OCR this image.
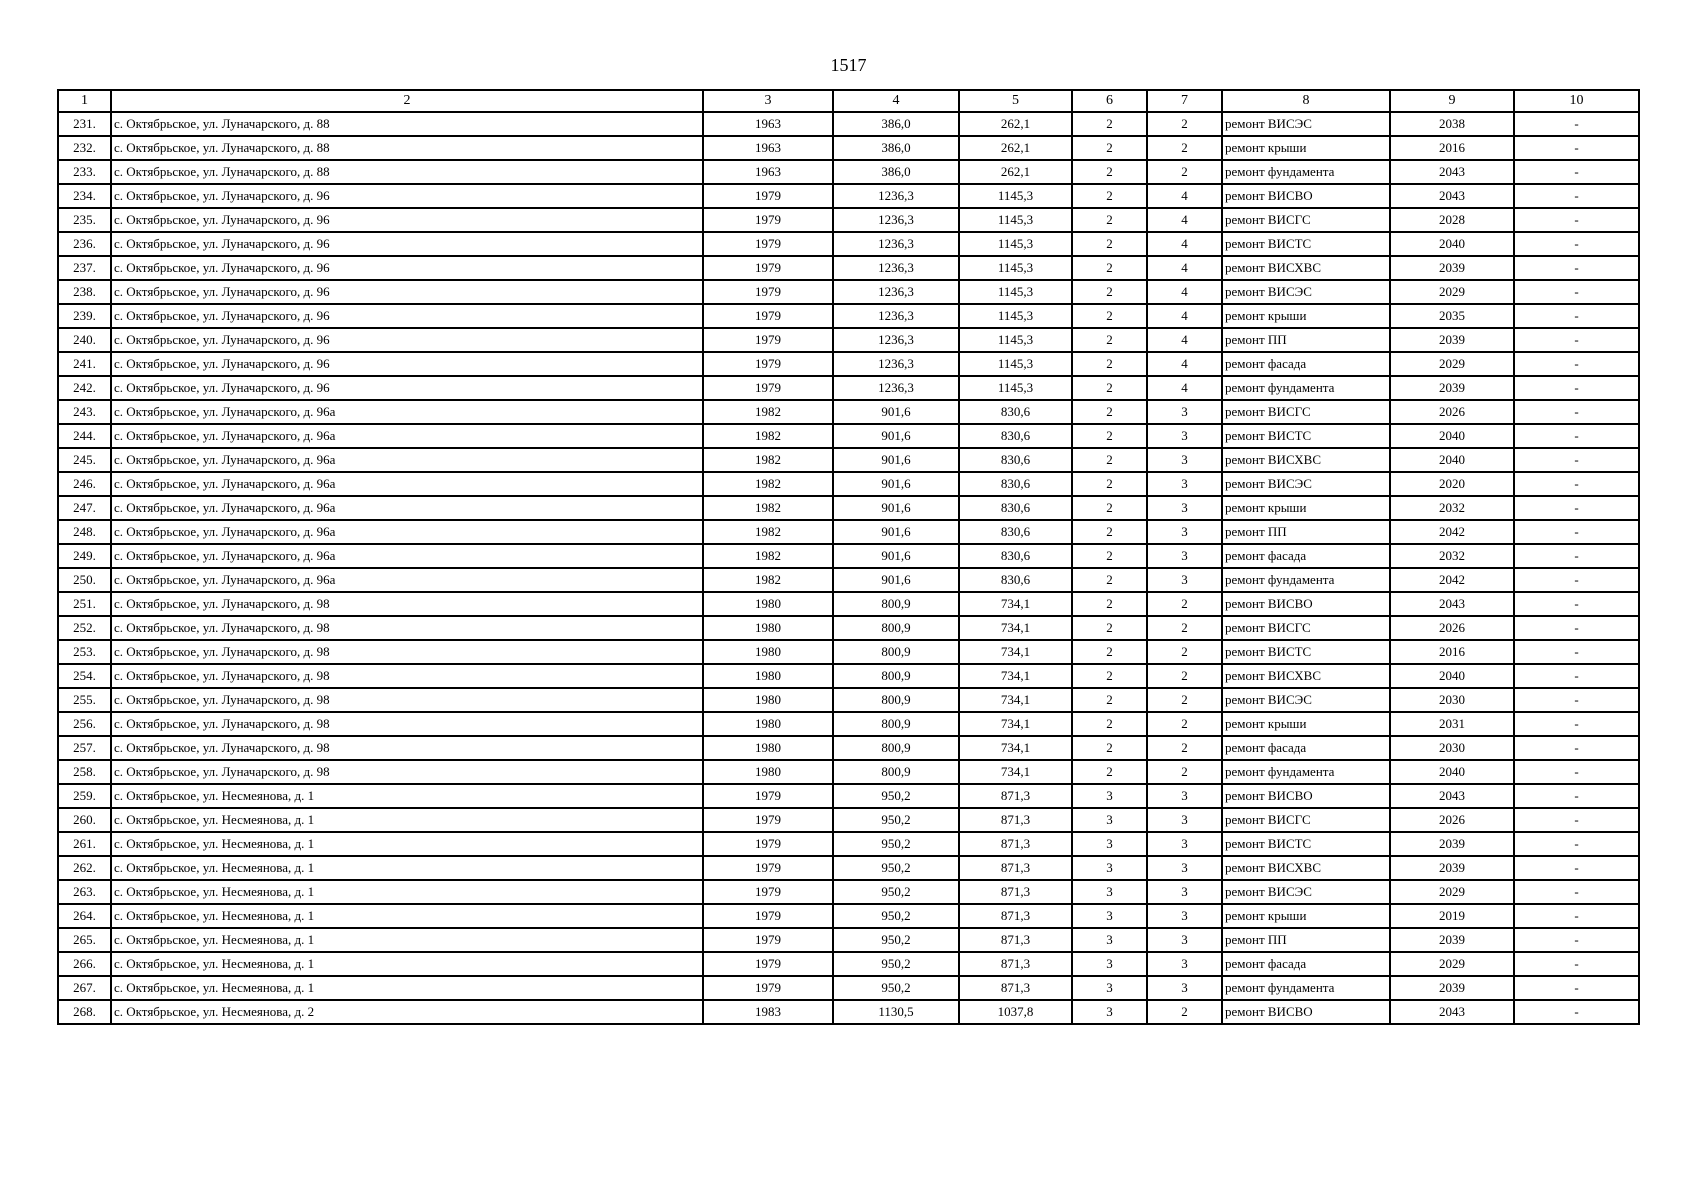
1517
1	2	3	4	5	6	7	8	9	10
231.	с. Октябрьское, ул. Луначарского, д. 88	1963	386,0	262,1	2	2	ремонт ВИСЭС	2038	-
232.	с. Октябрьское, ул. Луначарского, д. 88	1963	386,0	262,1	2	2	ремонт крыши	2016	-
233.	с. Октябрьское, ул. Луначарского, д. 88	1963	386,0	262,1	2	2	ремонт фундамента	2043	-
234.	с. Октябрьское, ул. Луначарского, д. 96	1979	1236,3	1145,3	2	4	ремонт ВИСВО	2043	-
235.	с. Октябрьское, ул. Луначарского, д. 96	1979	1236,3	1145,3	2	4	ремонт ВИСГС	2028	-
236.	с. Октябрьское, ул. Луначарского, д. 96	1979	1236,3	1145,3	2	4	ремонт ВИСТС	2040	-
237.	с. Октябрьское, ул. Луначарского, д. 96	1979	1236,3	1145,3	2	4	ремонт ВИСХВС	2039	-
238.	с. Октябрьское, ул. Луначарского, д. 96	1979	1236,3	1145,3	2	4	ремонт ВИСЭС	2029	-
239.	с. Октябрьское, ул. Луначарского, д. 96	1979	1236,3	1145,3	2	4	ремонт крыши	2035	-
240.	с. Октябрьское, ул. Луначарского, д. 96	1979	1236,3	1145,3	2	4	ремонт ПП	2039	-
241.	с. Октябрьское, ул. Луначарского, д. 96	1979	1236,3	1145,3	2	4	ремонт фасада	2029	-
242.	с. Октябрьское, ул. Луначарского, д. 96	1979	1236,3	1145,3	2	4	ремонт фундамента	2039	-
243.	с. Октябрьское, ул. Луначарского, д. 96а	1982	901,6	830,6	2	3	ремонт ВИСГС	2026	-
244.	с. Октябрьское, ул. Луначарского, д. 96а	1982	901,6	830,6	2	3	ремонт ВИСТС	2040	-
245.	с. Октябрьское, ул. Луначарского, д. 96а	1982	901,6	830,6	2	3	ремонт ВИСХВС	2040	-
246.	с. Октябрьское, ул. Луначарского, д. 96а	1982	901,6	830,6	2	3	ремонт ВИСЭС	2020	-
247.	с. Октябрьское, ул. Луначарского, д. 96а	1982	901,6	830,6	2	3	ремонт крыши	2032	-
248.	с. Октябрьское, ул. Луначарского, д. 96а	1982	901,6	830,6	2	3	ремонт ПП	2042	-
249.	с. Октябрьское, ул. Луначарского, д. 96а	1982	901,6	830,6	2	3	ремонт фасада	2032	-
250.	с. Октябрьское, ул. Луначарского, д. 96а	1982	901,6	830,6	2	3	ремонт фундамента	2042	-
251.	с. Октябрьское, ул. Луначарского, д. 98	1980	800,9	734,1	2	2	ремонт ВИСВО	2043	-
252.	с. Октябрьское, ул. Луначарского, д. 98	1980	800,9	734,1	2	2	ремонт ВИСГС	2026	-
253.	с. Октябрьское, ул. Луначарского, д. 98	1980	800,9	734,1	2	2	ремонт ВИСТС	2016	-
254.	с. Октябрьское, ул. Луначарского, д. 98	1980	800,9	734,1	2	2	ремонт ВИСХВС	2040	-
255.	с. Октябрьское, ул. Луначарского, д. 98	1980	800,9	734,1	2	2	ремонт ВИСЭС	2030	-
256.	с. Октябрьское, ул. Луначарского, д. 98	1980	800,9	734,1	2	2	ремонт крыши	2031	-
257.	с. Октябрьское, ул. Луначарского, д. 98	1980	800,9	734,1	2	2	ремонт фасада	2030	-
258.	с. Октябрьское, ул. Луначарского, д. 98	1980	800,9	734,1	2	2	ремонт фундамента	2040	-
259.	с. Октябрьское, ул. Несмеянова, д. 1	1979	950,2	871,3	3	3	ремонт ВИСВО	2043	-
260.	с. Октябрьское, ул. Несмеянова, д. 1	1979	950,2	871,3	3	3	ремонт ВИСГС	2026	-
261.	с. Октябрьское, ул. Несмеянова, д. 1	1979	950,2	871,3	3	3	ремонт ВИСТС	2039	-
262.	с. Октябрьское, ул. Несмеянова, д. 1	1979	950,2	871,3	3	3	ремонт ВИСХВС	2039	-
263.	с. Октябрьское, ул. Несмеянова, д. 1	1979	950,2	871,3	3	3	ремонт ВИСЭС	2029	-
264.	с. Октябрьское, ул. Несмеянова, д. 1	1979	950,2	871,3	3	3	ремонт крыши	2019	-
265.	с. Октябрьское, ул. Несмеянова, д. 1	1979	950,2	871,3	3	3	ремонт ПП	2039	-
266.	с. Октябрьское, ул. Несмеянова, д. 1	1979	950,2	871,3	3	3	ремонт фасада	2029	-
267.	с. Октябрьское, ул. Несмеянова, д. 1	1979	950,2	871,3	3	3	ремонт фундамента	2039	-
268.	с. Октябрьское, ул. Несмеянова, д. 2	1983	1130,5	1037,8	3	2	ремонт ВИСВО	2043	-
